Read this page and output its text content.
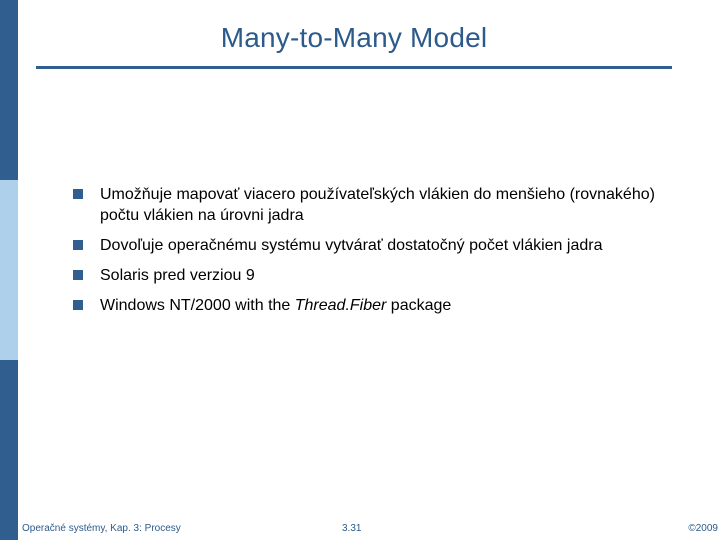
Many-to-Many Model
Umožňuje mapovať viacero používateľských vlákien do menšieho (rovnakého) počtu vlákien na úrovni jadra
Dovoľuje operačnému systému vytvárať dostatočný počet vlákien jadra
Solaris pred verziou 9
Windows NT/2000 with the Thread.Fiber package
Operačné systémy, Kap. 3: Procesy	3.31	©2009
